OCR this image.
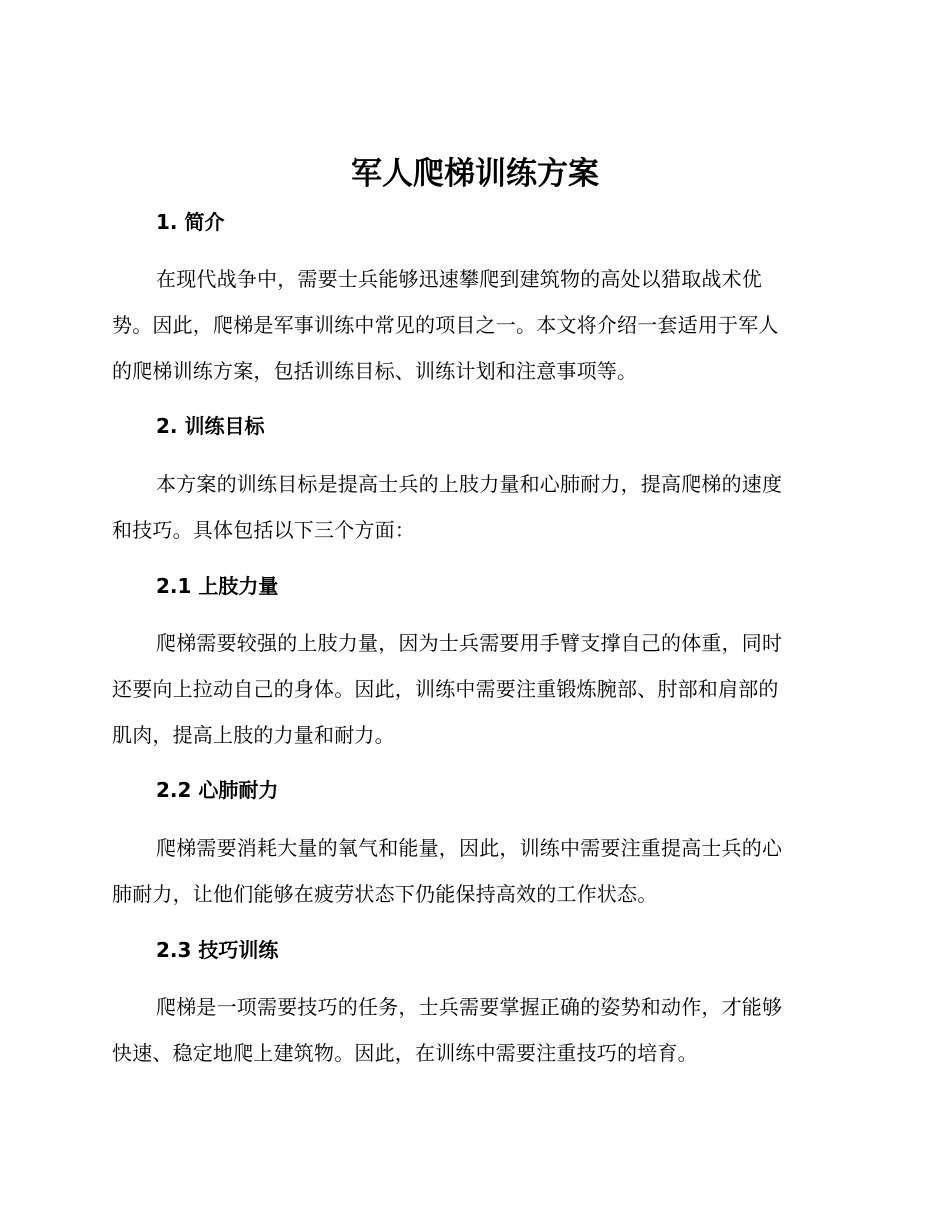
军人爬梯训练方案
1. 简介
在现代战争中，需要士兵能够迅速攀爬到建筑物的高处以猎取战术优
势。因此，爬梯是军事训练中常见的项目之一。本文将介绍一套适用于军人
的爬梯训练方案，包括训练目标、训练计划和注意事项等。
2. 训练目标
本方案的训练目标是提高士兵的上肢力量和心肺耐力，提高爬梯的速度
和技巧。具体包括以下三个方面：
2.1 上肢力量
爬梯需要较强的上肢力量，因为士兵需要用手臂支撑自己的体重，同时
还要向上拉动自己的身体。因此，训练中需要注重锻炼腕部、肘部和肩部的
肌肉，提高上肢的力量和耐力。
2.2 心肺耐力
爬梯需要消耗大量的氧气和能量，因此，训练中需要注重提高士兵的心
肺耐力，让他们能够在疲劳状态下仍能保持高效的工作状态。
2.3 技巧训练
爬梯是一项需要技巧的任务，士兵需要掌握正确的姿势和动作，才能够
快速、稳定地爬上建筑物。因此，在训练中需要注重技巧的培育。
